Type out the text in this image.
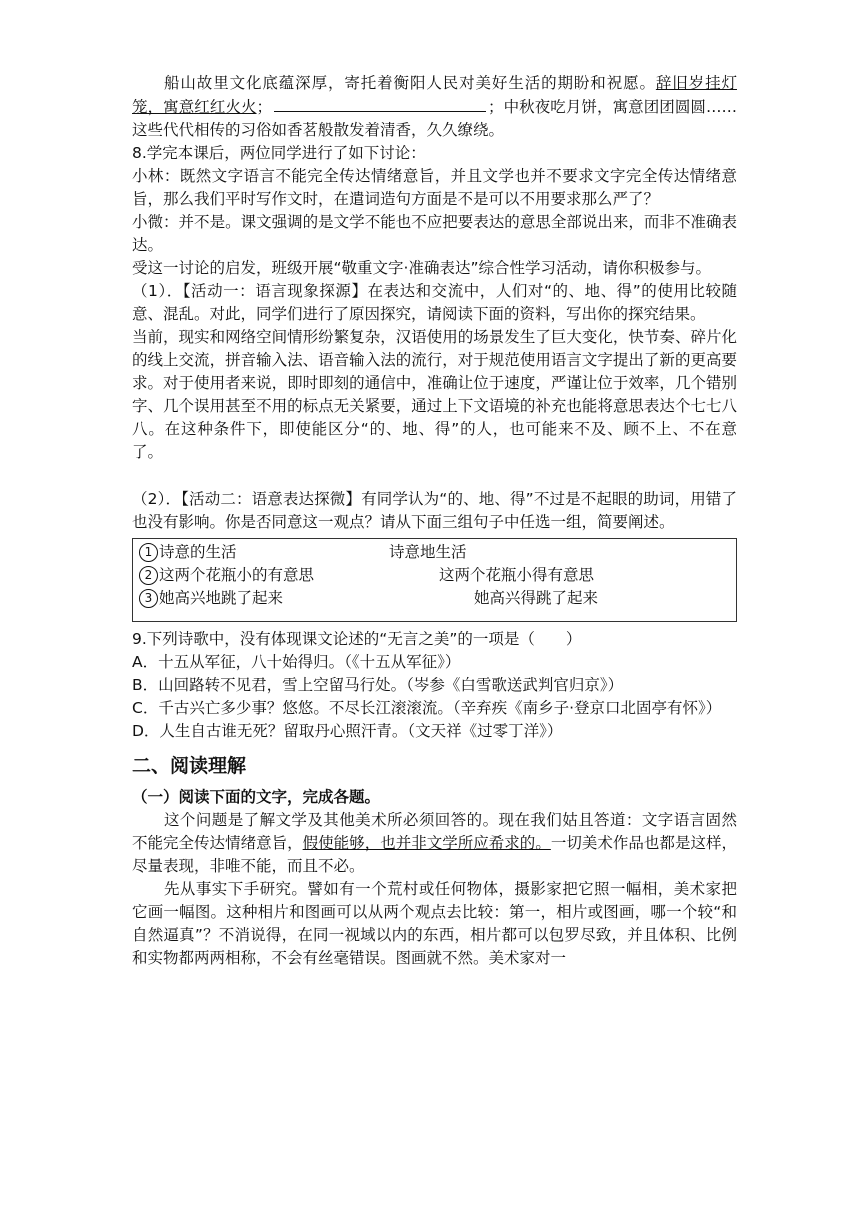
船山故里文化底蕴深厚，寄托着衡阳人民对美好生活的期盼和祝愿。辞旧岁挂灯笼，寓意红红火火；	；中秋夜吃月饼，寓意团团圆圆……这些代代相传的习俗如香茗般散发着清香，久久缭绕。

8.学完本课后，两位同学进行了如下讨论：

小林：既然文字语言不能完全传达情绪意旨，并且文学也并不要求文字完全传达情绪意旨，那么我们平时写作文时，在遣词造句方面是不是可以不用要求那么严了？

小微：并不是。课文强调的是文学不能也不应把要表达的意思全部说出来，而非不准确表达。

受这一讨论的启发，班级开展“敬重文字·准确表达”综合性学习活动，请你积极参与。

（1）．【活动一：语言现象探源】在表达和交流中，人们对“的、地、得”的使用比较随意、混乱。对此，同学们进行了原因探究，请阅读下面的资料，写出你的探究结果。

当前，现实和网络空间情形纷繁复杂，汉语使用的场景发生了巨大变化，快节奏、碎片化的线上交流，拼音输入法、语音输入法的流行，对于规范使用语言文字提出了新的更高要求。对于使用者来说，即时即刻的通信中，准确让位于速度，严谨让位于效率，几个错别字、几个误用甚至不用的标点无关紧要，通过上下文语境的补充也能将意思表达个七七八八。在这种条件下，即使能区分“的、地、得”的人，也可能来不及、顾不上、不在意了。

（2）．【活动二：语意表达探微】有同学认为“的、地、得”不过是不起眼的助词，用错了也没有影响。你是否同意这一观点？请从下面三组句子中任选一组，简要阐述。

1 诗意的生活	诗意地生活
2 这两个花瓶小的有意思	这两个花瓶小得有意思
3 她高兴地跳了起来	她高兴得跳了起来

9.下列诗歌中，没有体现课文论述的“无言之美”的一项是（　　）

A．十五从军征，八十始得归。（《十五从军征》）

B．山回路转不见君，雪上空留马行处。（岑参《白雪歌送武判官归京》）

C．千古兴亡多少事？悠悠。不尽长江滚滚流。（辛弃疾《南乡子·登京口北固亭有怀》）

D．人生自古谁无死？留取丹心照汗青。（文天祥《过零丁洋》）

二、阅读理解
（一）阅读下面的文字，完成各题。

这个问题是了解文学及其他美术所必须回答的。现在我们姑且答道：文字语言固然不能完全传达情绪意旨，假使能够，也并非文学所应希求的。一切美术作品也都是这样，尽量表现，非唯不能，而且不必。

先从事实下手研究。譬如有一个荒村或任何物体，摄影家把它照一幅相，美术家把它画一幅图。这种相片和图画可以从两个观点去比较：第一，相片或图画，哪一个较“和自然逼真”？不消说得，在同一视域以内的东西，相片都可以包罗尽致，并且体积、比例和实物都两两相称，不会有丝毫错误。图画就不然。美术家对一
